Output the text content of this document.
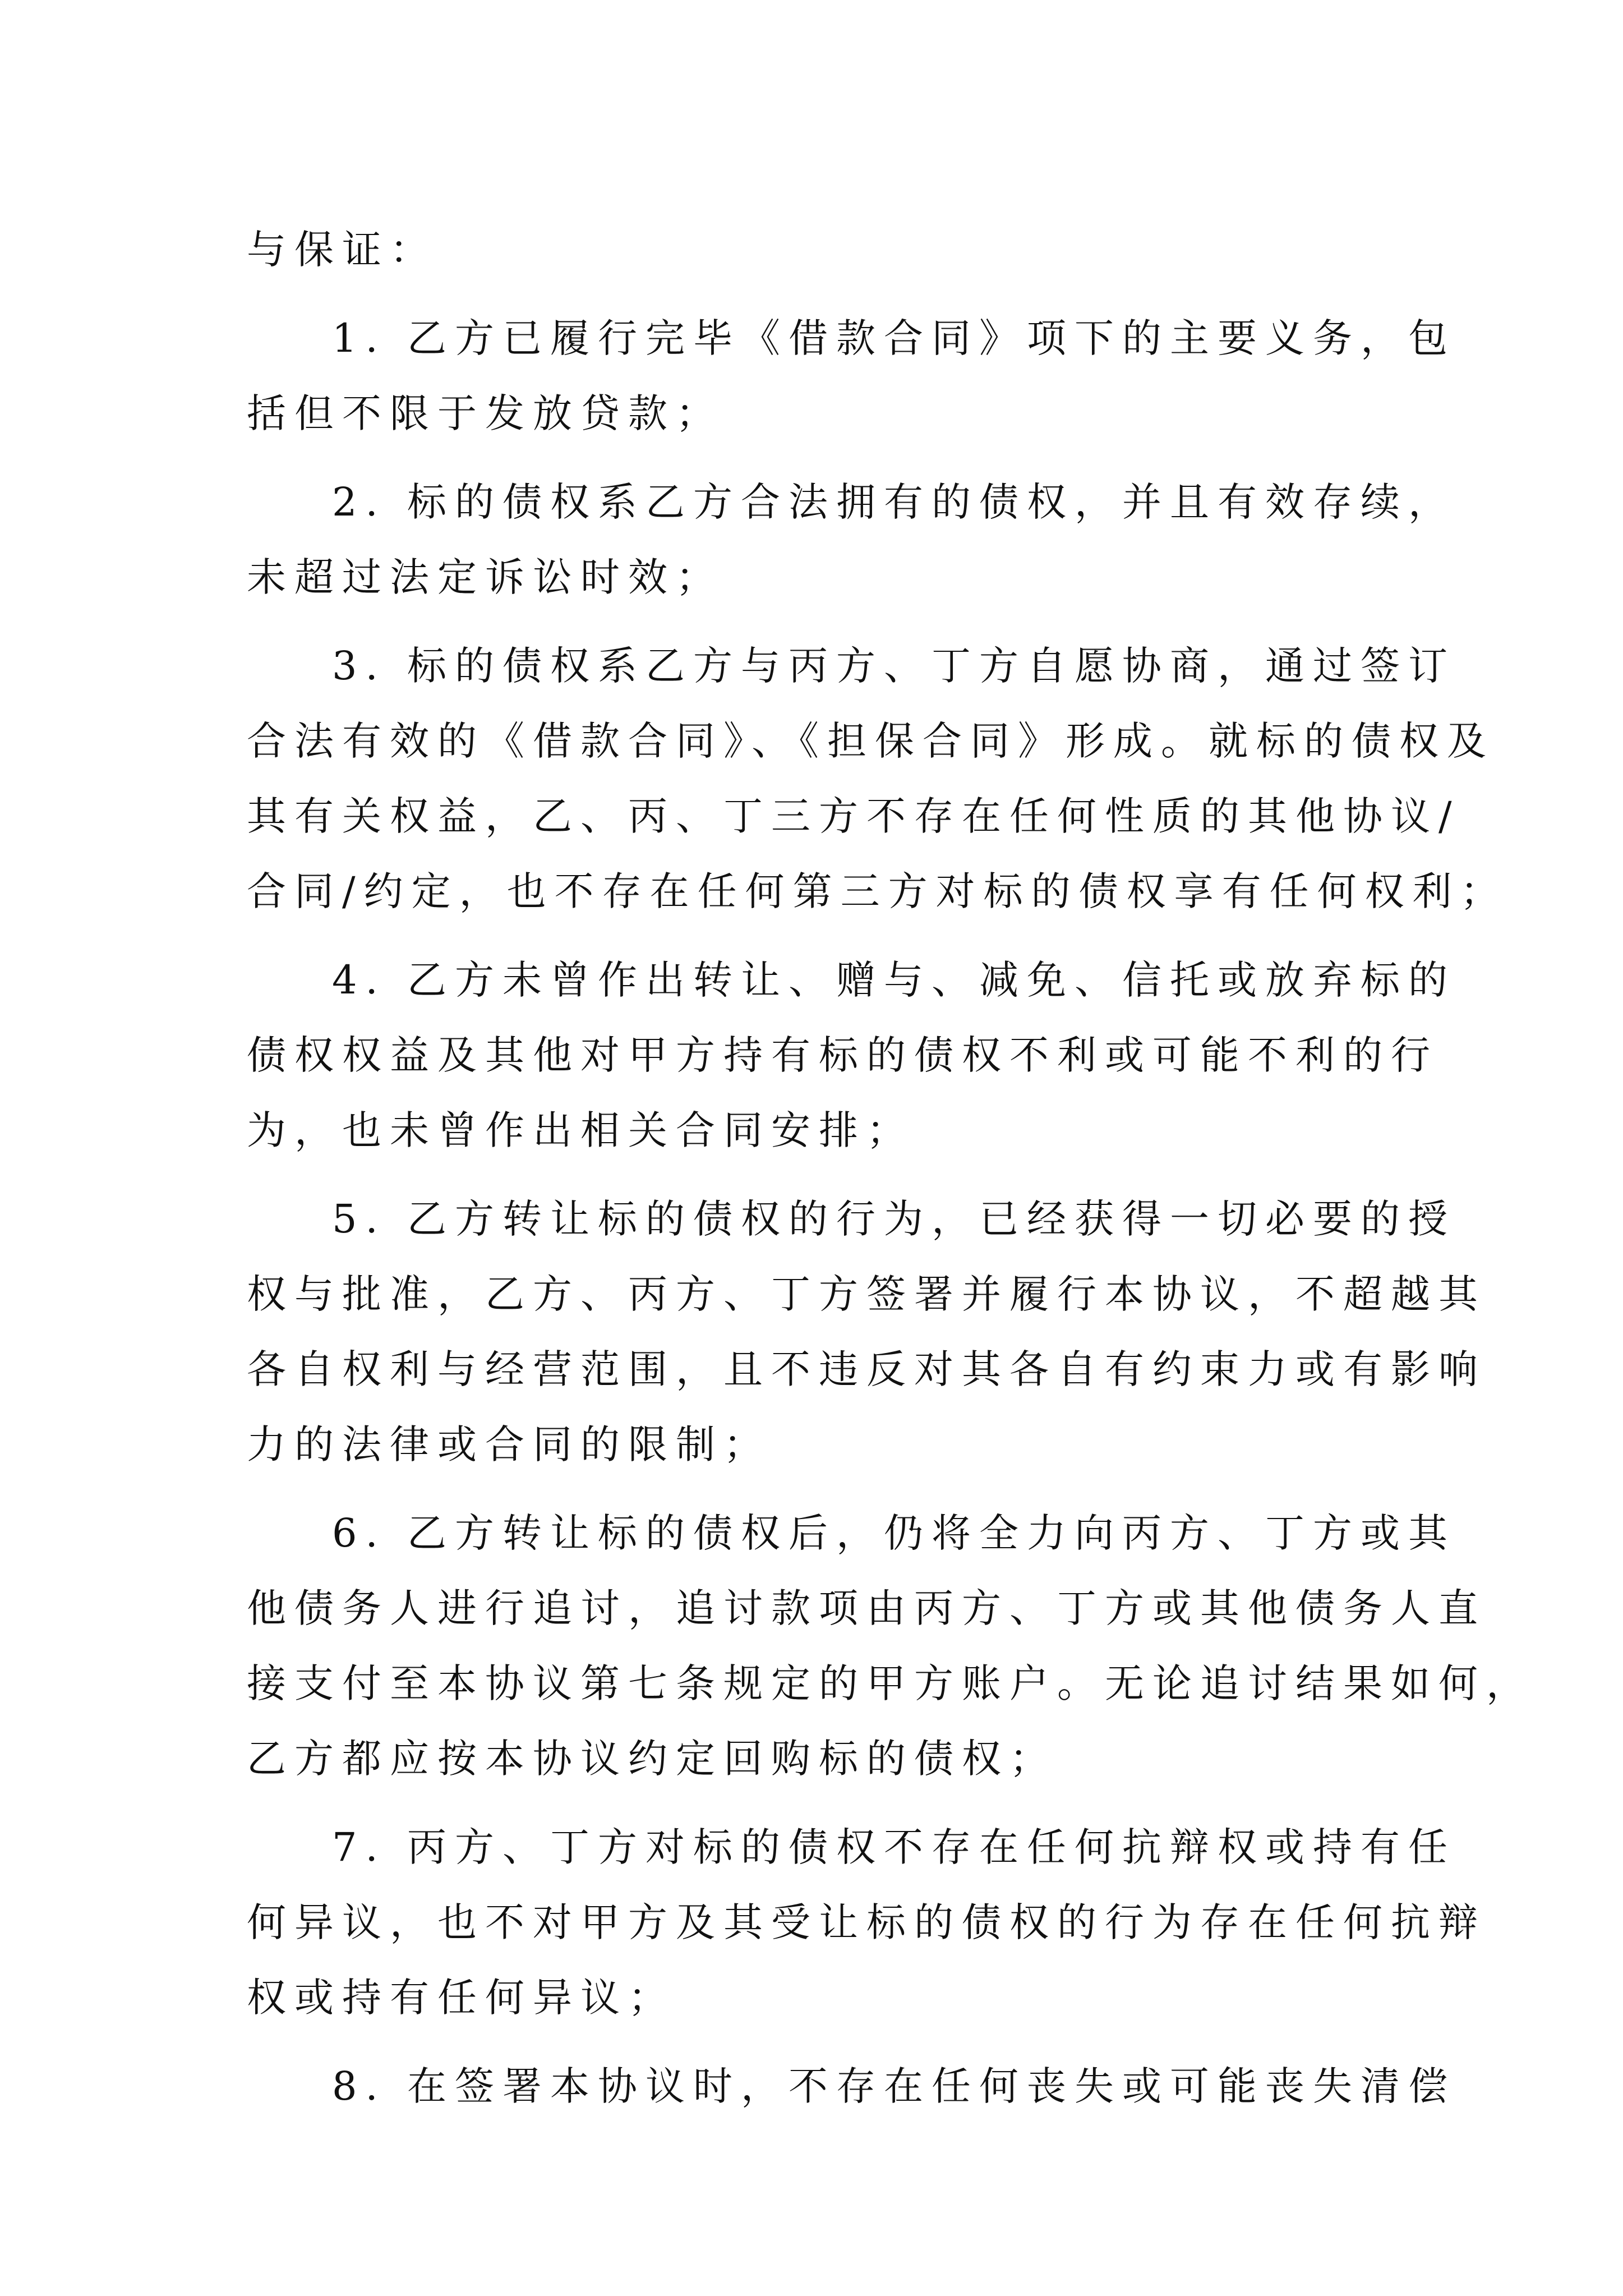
与保证：
1. 乙方已履行完毕《借款合同》项下的主要义务，包
括但不限于发放贷款；
2. 标的债权系乙方合法拥有的债权，并且有效存续，
未超过法定诉讼时效；
3. 标的债权系乙方与丙方、丁方自愿协商，通过签订
合法有效的《借款合同》、《担保合同》形成。就标的债权及
其有关权益，乙、丙、丁三方不存在任何性质的其他协议/
合同/约定，也不存在任何第三方对标的债权享有任何权利；
4. 乙方未曾作出转让、赠与、减免、信托或放弃标的
债权权益及其他对甲方持有标的债权不利或可能不利的行
为，也未曾作出相关合同安排；
5. 乙方转让标的债权的行为，已经获得一切必要的授
权与批准，乙方、丙方、丁方签署并履行本协议，不超越其
各自权利与经营范围，且不违反对其各自有约束力或有影响
力的法律或合同的限制；
6. 乙方转让标的债权后，仍将全力向丙方、丁方或其
他债务人进行追讨，追讨款项由丙方、丁方或其他债务人直
接支付至本协议第七条规定的甲方账户。无论追讨结果如何，
乙方都应按本协议约定回购标的债权；
7. 丙方、丁方对标的债权不存在任何抗辩权或持有任
何异议，也不对甲方及其受让标的债权的行为存在任何抗辩
权或持有任何异议；
8. 在签署本协议时，不存在任何丧失或可能丧失清偿
